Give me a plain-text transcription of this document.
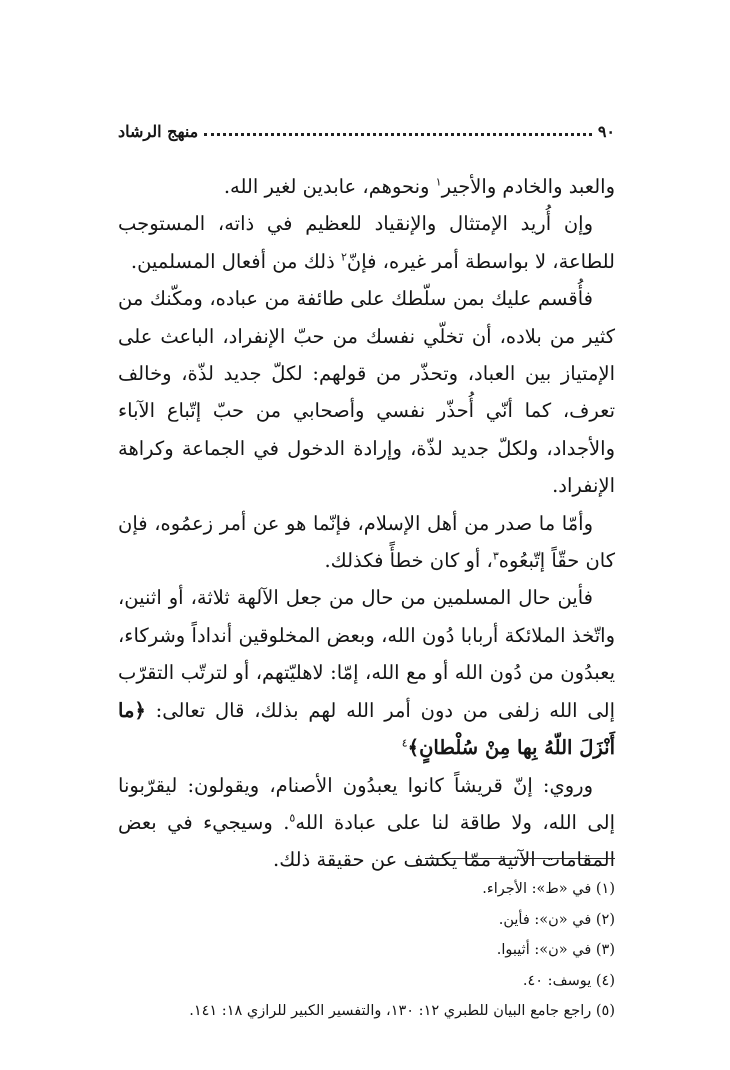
٩٠
منهج الرشاد

والعبد والخادم والأجير$^١$ ونحوهم، عابدين لغير الله.

وإن أُريد الإمتثال والإنقياد للعظيم في ذاته، المستوجب للطاعة، لا بواسطة أمر غيره، فإنّ$^٢$ ذلك من أفعال المسلمين.

فأُقسم عليك بمن سلّطك على طائفة من عباده، ومكّنك من كثير من بلاده، أن تخلّي نفسك من حبّ الإنفراد، الباعث على الإمتياز بين العباد، وتحذّر من قولهم: لكلّ جديد لذّة، وخالف تعرف، كما أنّي أُحذّر نفسي وأصحابي من حبّ إتّباع الآباء والأجداد، ولكلّ جديد لذّة، وإرادة الدخول في الجماعة وكراهة الإنفراد.

وأمّا ما صدر من أهل الإسلام، فإنّما هو عن أمر زعمُوه، فإن كان حقّاً إتّبعُوه$^٣$، أو كان خطأً فكذلك.

فأين حال المسلمين من حال من جعل الآلهة ثلاثة، أو اثنين، واتّخذ الملائكة أربابا دُون الله، وبعض المخلوقين أنداداً وشركاء، يعبدُون من دُون الله أو مع الله، إمّا: لاهليّتهم، أو لترتّب التقرّب إلى الله زلفى من دون أمر الله لهم بذلك، قال تعالى: ﴿ما أَنْزَلَ اللّهُ بِها مِنْ سُلْطانٍ﴾$^٤$

وروي: إنّ قريشاً كانوا يعبدُون الأصنام، ويقولون: ليقرّبونا إلى الله، ولا طاقة لنا على عبادة الله$^٥$. وسيجيء في بعض المقامات الآتية ممّا يكشف عن حقيقة ذلك.

(١) في «ط»: الأجراء.
(٢) في «ن»: فأين.
(٣) في «ن»: أثيبوا.
(٤) يوسف: ٤٠.
(٥) راجع جامع البيان للطبري ١٢: ١٣٠، والتفسير الكبير للرازي ١٨: ١٤١.
